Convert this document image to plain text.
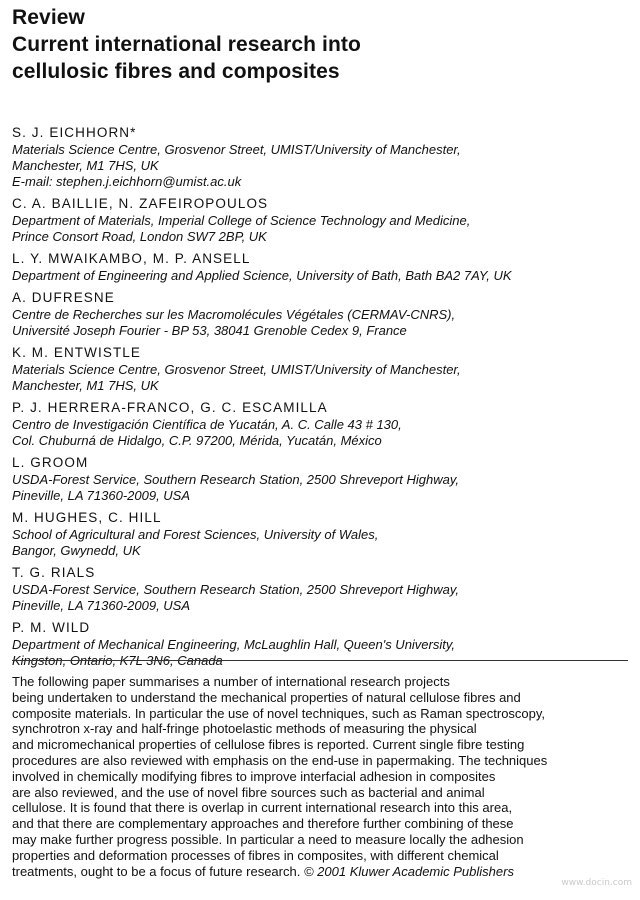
Review
Current international research into
cellulosic fibres and composites
S. J. EICHHORN*
Materials Science Centre, Grosvenor Street, UMIST/University of Manchester,
Manchester, M1 7HS, UK
E-mail: stephen.j.eichhorn@umist.ac.uk
C. A. BAILLIE, N. ZAFEIROPOULOS
Department of Materials, Imperial College of Science Technology and Medicine,
Prince Consort Road, London SW7 2BP, UK
L. Y. MWAIKAMBO, M. P. ANSELL
Department of Engineering and Applied Science, University of Bath, Bath BA2 7AY, UK
A. DUFRESNE
Centre de Recherches sur les Macromolécules Végétales (CERMAV-CNRS),
Université Joseph Fourier - BP 53, 38041 Grenoble Cedex 9, France
K. M. ENTWISTLE
Materials Science Centre, Grosvenor Street, UMIST/University of Manchester,
Manchester, M1 7HS, UK
P. J. HERRERA-FRANCO, G. C. ESCAMILLA
Centro de Investigación Científica de Yucatán, A. C. Calle 43 # 130,
Col. Chuburná de Hidalgo, C.P. 97200, Mérida, Yucatán, México
L. GROOM
USDA-Forest Service, Southern Research Station, 2500 Shreveport Highway,
Pineville, LA 71360-2009, USA
M. HUGHES, C. HILL
School of Agricultural and Forest Sciences, University of Wales,
Bangor, Gwynedd, UK
T. G. RIALS
USDA-Forest Service, Southern Research Station, 2500 Shreveport Highway,
Pineville, LA 71360-2009, USA
P. M. WILD
Department of Mechanical Engineering, McLaughlin Hall, Queen's University,
Kingston, Ontario, K7L 3N6, Canada
The following paper summarises a number of international research projects
being undertaken to understand the mechanical properties of natural cellulose fibres and
composite materials. In particular the use of novel techniques, such as Raman spectroscopy,
synchrotron x-ray and half-fringe photoelastic methods of measuring the physical
and micromechanical properties of cellulose fibres is reported. Current single fibre testing
procedures are also reviewed with emphasis on the end-use in papermaking. The techniques
involved in chemically modifying fibres to improve interfacial adhesion in composites
are also reviewed, and the use of novel fibre sources such as bacterial and animal
cellulose. It is found that there is overlap in current international research into this area,
and that there are complementary approaches and therefore further combining of these
may make further progress possible. In particular a need to measure locally the adhesion
properties and deformation processes of fibres in composites, with different chemical
treatments, ought to be a focus of future research. © 2001 Kluwer Academic Publishers
www.docin.com
